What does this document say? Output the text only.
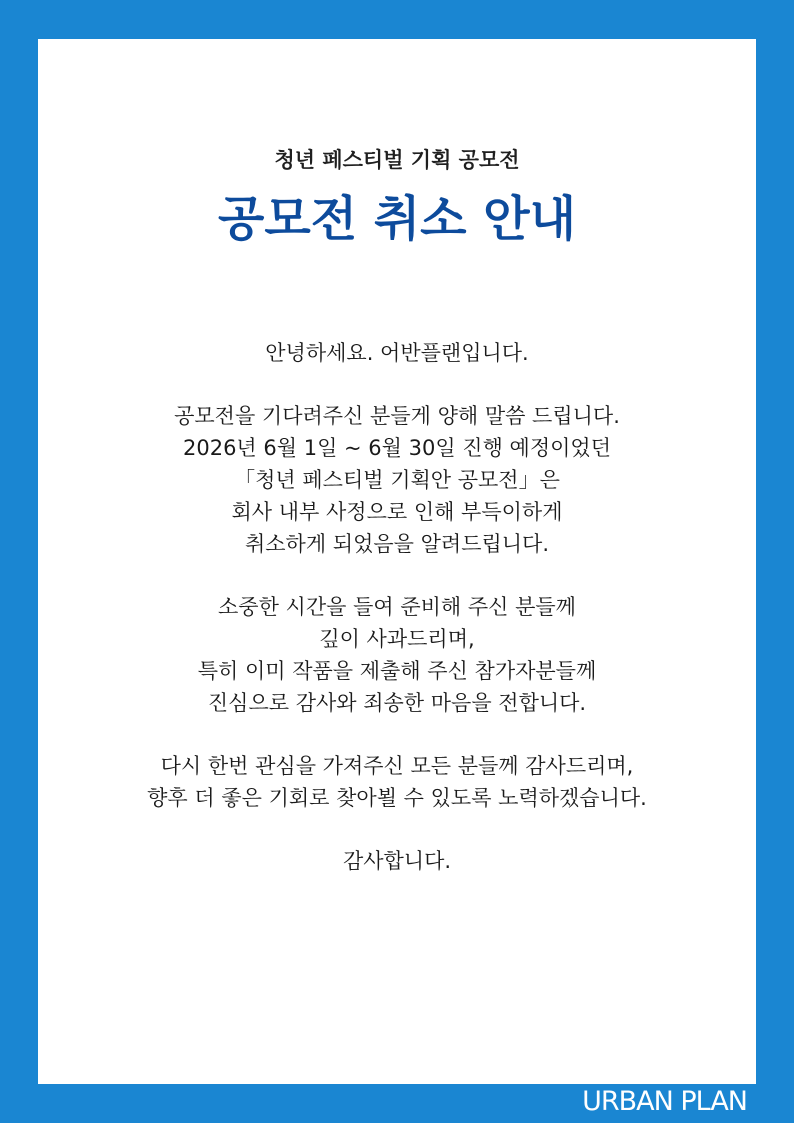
청년 페스티벌 기획 공모전
공모전 취소 안내
안녕하세요. 어반플랜입니다.
공모전을 기다려주신 분들게 양해 말씀 드립니다.
2026년 6월 1일 ~ 6월 30일 진행 예정이었던
「청년 페스티벌 기획안 공모전」은
회사 내부 사정으로 인해 부득이하게
취소하게 되었음을 알려드립니다.
소중한 시간을 들여 준비해 주신 분들께
깊이 사과드리며,
특히 이미 작품을 제출해 주신 참가자분들께
진심으로 감사와 죄송한 마음을 전합니다.
다시 한번 관심을 가져주신 모든 분들께 감사드리며,
향후 더 좋은 기회로 찾아뵐 수 있도록 노력하겠습니다.
감사합니다.
URBAN PLAN
